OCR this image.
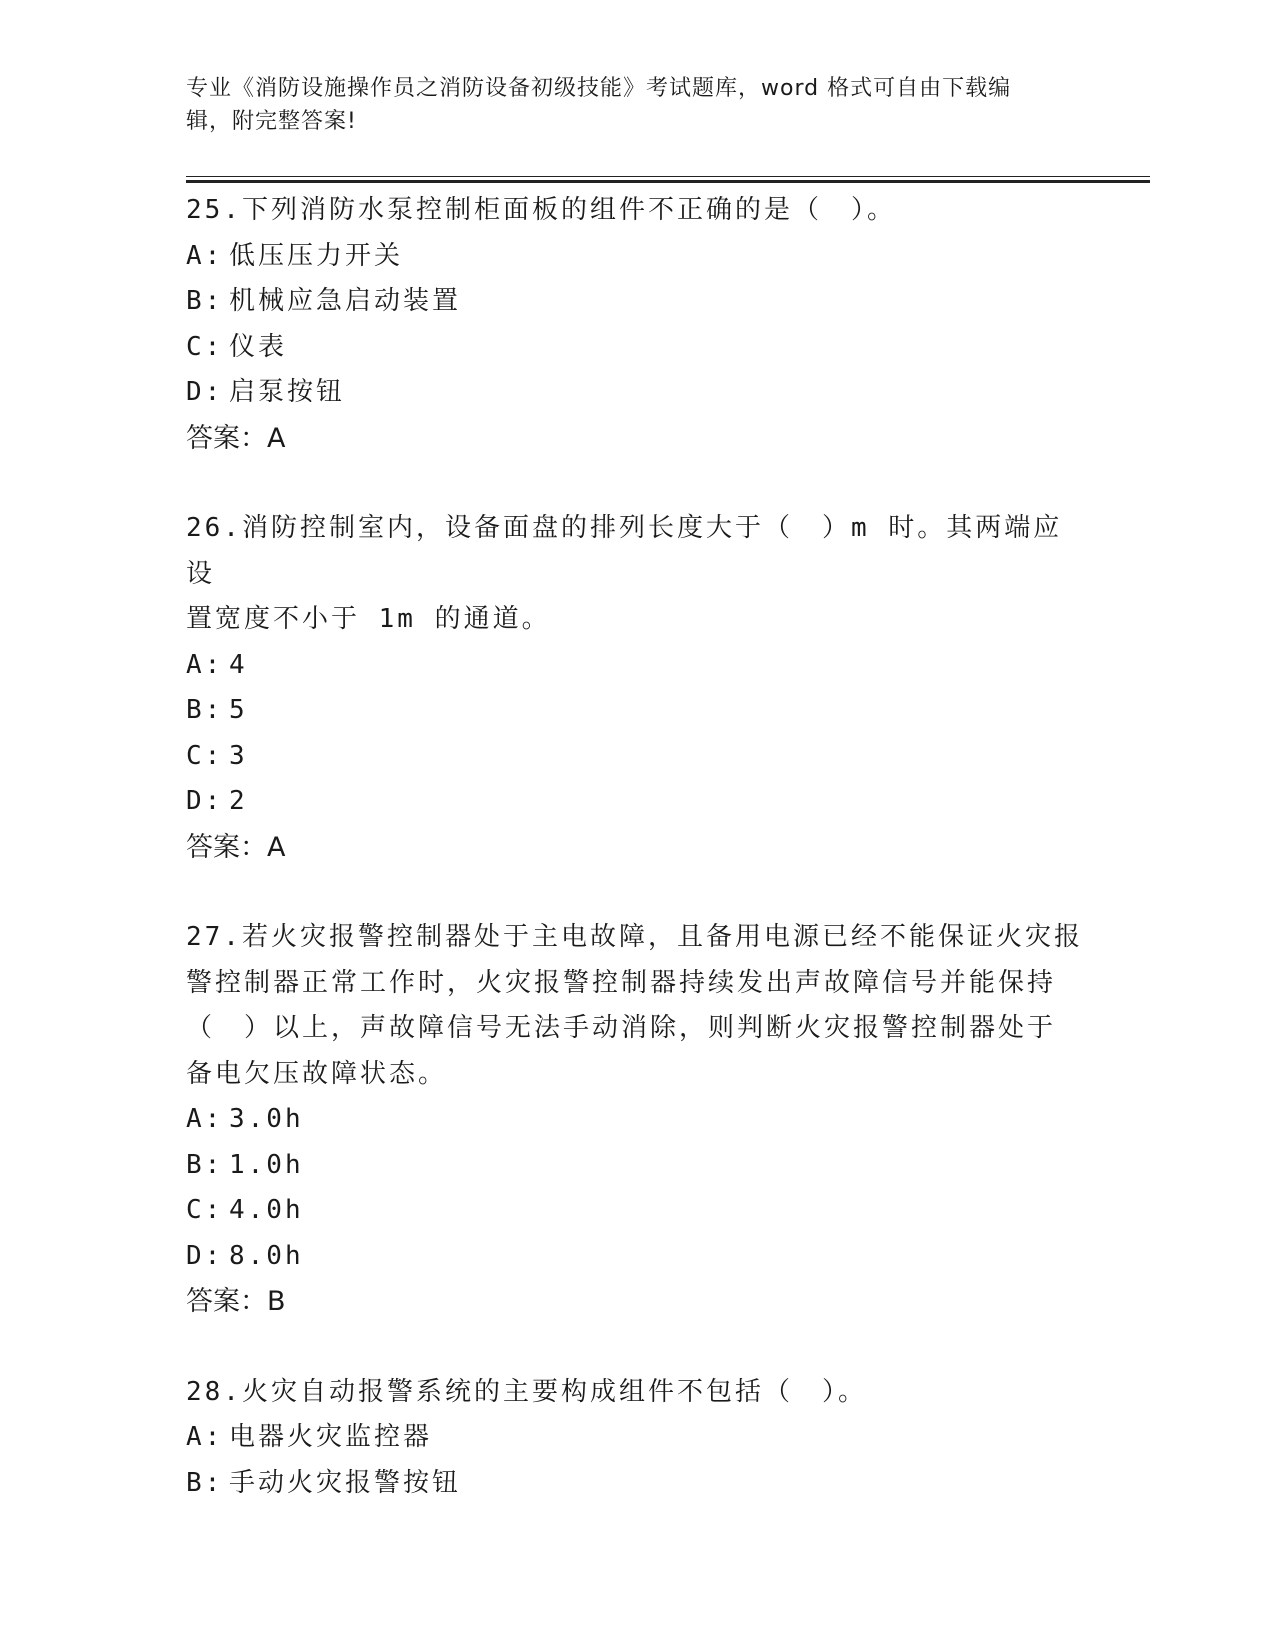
专业《消防设施操作员之消防设备初级技能》考试题库，word 格式可自由下载编
辑，附完整答案!

25.下列消防水泵控制柜面板的组件不正确的是（　）。

A: 低压压力开关

B: 机械应急启动装置

C: 仪表

D: 启泵按钮

答案：A

26.消防控制室内，设备面盘的排列长度大于（　）m 时。其两端应设

置宽度不小于 1m 的通道。

A: 4

B: 5

C: 3

D: 2

答案：A

27.若火灾报警控制器处于主电故障，且备用电源已经不能保证火灾报

警控制器正常工作时，火灾报警控制器持续发出声故障信号并能保持

（　）以上，声故障信号无法手动消除，则判断火灾报警控制器处于

备电欠压故障状态。

A: 3.0h

B: 1.0h

C: 4.0h

D: 8.0h

答案：B

28.火灾自动报警系统的主要构成组件不包括（　）。

A: 电器火灾监控器

B: 手动火灾报警按钮
